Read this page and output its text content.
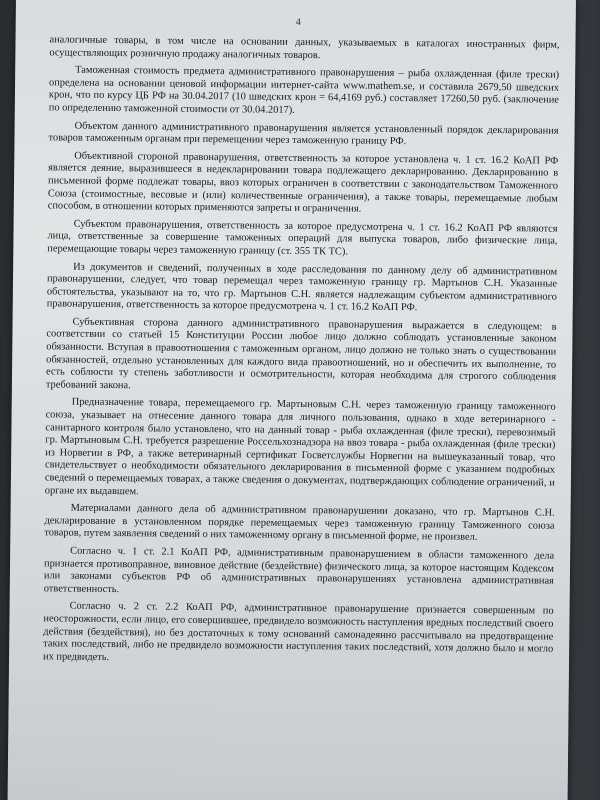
4

аналогичные товары, в том числе на основании данных, указываемых в каталогах иностранных фирм, осуществляющих розничную продажу аналогичных товаров.

Таможенная стоимость предмета административного правонарушения – рыба охлажденная (филе трески) определена на основании ценовой информации интернет-сайта www.mathem.se, и составила 2679,50 шведских крон, что по курсу ЦБ РФ на 30.04.2017 (10 шведских крон = 64,4169 руб.) составляет 17260,50 руб. (заключение по определению таможенной стоимости от 30.04.2017).

Объектом данного административного правонарушения является установленный порядок декларирования товаров таможенным органам при перемещении через таможенную границу РФ.

Объективной стороной правонарушения, ответственность за которое установлена ч. 1 ст. 16.2 КоАП РФ является деяние, выразившееся в недекларировании товара подлежащего декларированию. Декларированию в письменной форме подлежат товары, ввоз которых ограничен в соответствии с законодательством Таможенного Союза (стоимостные, весовые и (или) количественные ограничения), а также товары, перемещаемые любым способом, в отношении которых применяются запреты и ограничения.

Субъектом правонарушения, ответственность за которое предусмотрена ч. 1 ст. 16.2 КоАП РФ являются лица, ответственные за совершение таможенных операций для выпуска товаров, либо физические лица, перемещающие товары через таможенную границу (ст. 355 ТК ТС).

Из документов и сведений, полученных в ходе расследования по данному делу об административном правонарушении, следует, что товар перемещал через таможенную границу гр. Мартынов С.Н. Указанные обстоятельства, указывают на то, что гр. Мартынов С.Н. является надлежащим субъектом административного правонарушения, ответственность за которое предусмотрена ч. 1 ст. 16.2 КоАП РФ.

Субъективная сторона данного административного правонарушения выражается в следующем: в соответствии со статьей 15 Конституции России любое лицо должно соблюдать установленные законом обязанности. Вступая в правоотношения с таможенным органом, лицо должно не только знать о существовании обязанностей, отдельно установленных для каждого вида правоотношений, но и обеспечить их выполнение, то есть соблюсти ту степень заботливости и осмотрительности, которая необходима для строгого соблюдения требований закона.

Предназначение товара, перемещаемого гр. Мартыновым С.Н. через таможенную границу таможенного союза, указывает на отнесение данного товара для личного пользования, однако в ходе ветеринарного - санитарного контроля было установлено, что на данный товар - рыба охлажденная (филе трески), перевозимый гр. Мартыновым С.Н. требуется разрешение Россельхознадзора на ввоз товара - рыба охлажденная (филе трески) из Норвегии в РФ, а также ветеринарный сертификат Госветслужбы Норвегии на вышеуказанный товар, что свидетельствует о необходимости обязательного декларирования в письменной форме с указанием подробных сведений о перемещаемых товарах, а также сведения о документах, подтверждающих соблюдение ограничений, и органе их выдавшем.

Материалами данного дела об административном правонарушении доказано, что гр. Мартынов С.Н. декларирование в установленном порядке перемещаемых через таможенную границу Таможенного союза товаров, путем заявления сведений о них таможенному органу в письменной форме, не произвел.

Согласно ч. 1 ст. 2.1 КоАП РФ, административным правонарушением в области таможенного дела признается противоправное, виновное действие (бездействие) физического лица, за которое настоящим Кодексом или законами субъектов РФ об административных правонарушениях установлена административная ответственность.

Согласно ч. 2 ст. 2.2 КоАП РФ, административное правонарушение признается совершенным по неосторожности, если лицо, его совершившее, предвидело возможность наступления вредных последствий своего действия (бездействия), но без достаточных к тому оснований самонадеянно рассчитывало на предотвращение таких последствий, либо не предвидело возможности наступления таких последствий, хотя должно было и могло их предвидеть.
